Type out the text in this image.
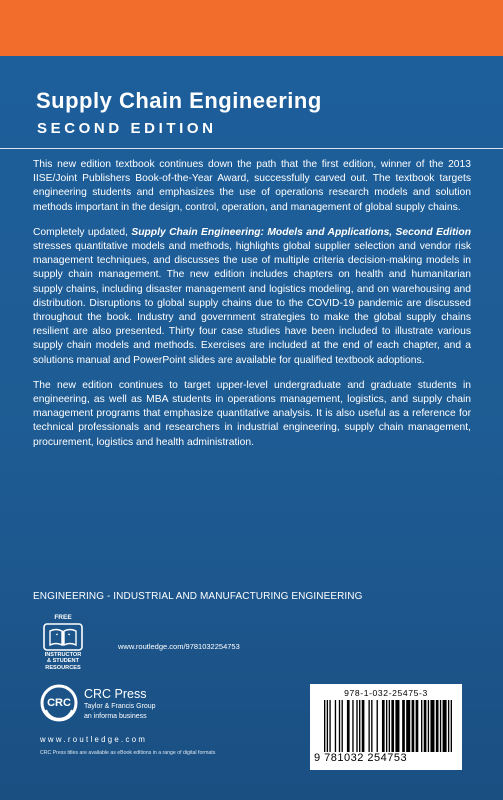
Supply Chain Engineering
SECOND EDITION

This new edition textbook continues down the path that the first edition, winner of the 2013 IISE/Joint Publishers Book-of-the-Year Award, successfully carved out. The textbook targets engineering students and emphasizes the use of operations research models and solution methods important in the design, control, operation, and management of global supply chains.

Completely updated, Supply Chain Engineering: Models and Applications, Second Edition stresses quantitative models and methods, highlights global supplier selection and vendor risk management techniques, and discusses the use of multiple criteria decision-making models in supply chain management. The new edition includes chapters on health and humanitarian supply chains, including disaster management and logistics modeling, and on warehousing and distribution. Disruptions to global supply chains due to the COVID-19 pandemic are discussed throughout the book. Industry and government strategies to make the global supply chains resilient are also presented. Thirty four case studies have been included to illustrate various supply chain models and methods. Exercises are included at the end of each chapter, and a solutions manual and PowerPoint slides are available for qualified textbook adoptions.

The new edition continues to target upper-level undergraduate and graduate students in engineering, as well as MBA students in operations management, logistics, and supply chain management programs that emphasize quantitative analysis. It is also useful as a reference for technical professionals and researchers in industrial engineering, supply chain management, procurement, logistics and health administration.

ENGINEERING - INDUSTRIAL AND MANUFACTURING ENGINEERING
FREE
INSTRUCTOR
& STUDENT
RESOURCES
www.routledge.com/9781032254753
CRC
CRC Press
Taylor & Francis Group
an informa business
www.routledge.com
CRC Press titles are available as eBook editions in a range of digital formats
978-1-032-25475-3
9 781032 254753
